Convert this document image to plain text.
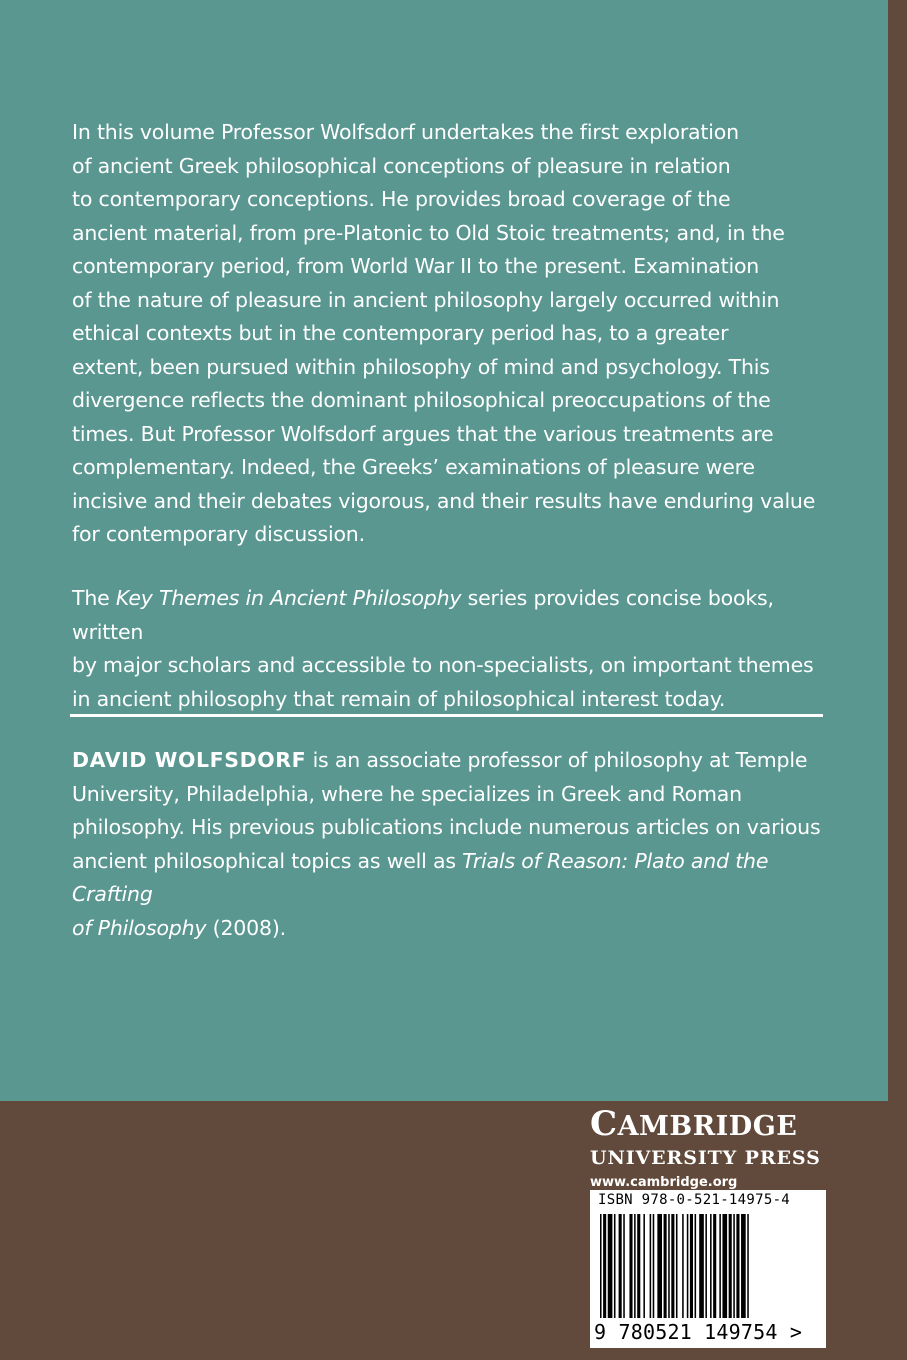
In this volume Professor Wolfsdorf undertakes the first exploration

of ancient Greek philosophical conceptions of pleasure in relation

to contemporary conceptions. He provides broad coverage of the

ancient material, from pre-Platonic to Old Stoic treatments; and, in the

contemporary period, from World War II to the present. Examination

of the nature of pleasure in ancient philosophy largely occurred within

ethical contexts but in the contemporary period has, to a greater

extent, been pursued within philosophy of mind and psychology. This

divergence reflects the dominant philosophical preoccupations of the

times. But Professor Wolfsdorf argues that the various treatments are

complementary. Indeed, the Greeks’ examinations of pleasure were

incisive and their debates vigorous, and their results have enduring value

for contemporary discussion.

The Key Themes in Ancient Philosophy series provides concise books, written

by major scholars and accessible to non-specialists, on important themes

in ancient philosophy that remain of philosophical interest today.

DAVID WOLFSDORF is an associate professor of philosophy at Temple

University, Philadelphia, where he specializes in Greek and Roman

philosophy. His previous publications include numerous articles on various

ancient philosophical topics as well as Trials of Reason: Plato and the Crafting

of Philosophy (2008).

CAMBRIDGE
UNIVERSITY PRESS
www.cambridge.org
ISBN 978-0-521-14975-4
9 780521 149754 >
